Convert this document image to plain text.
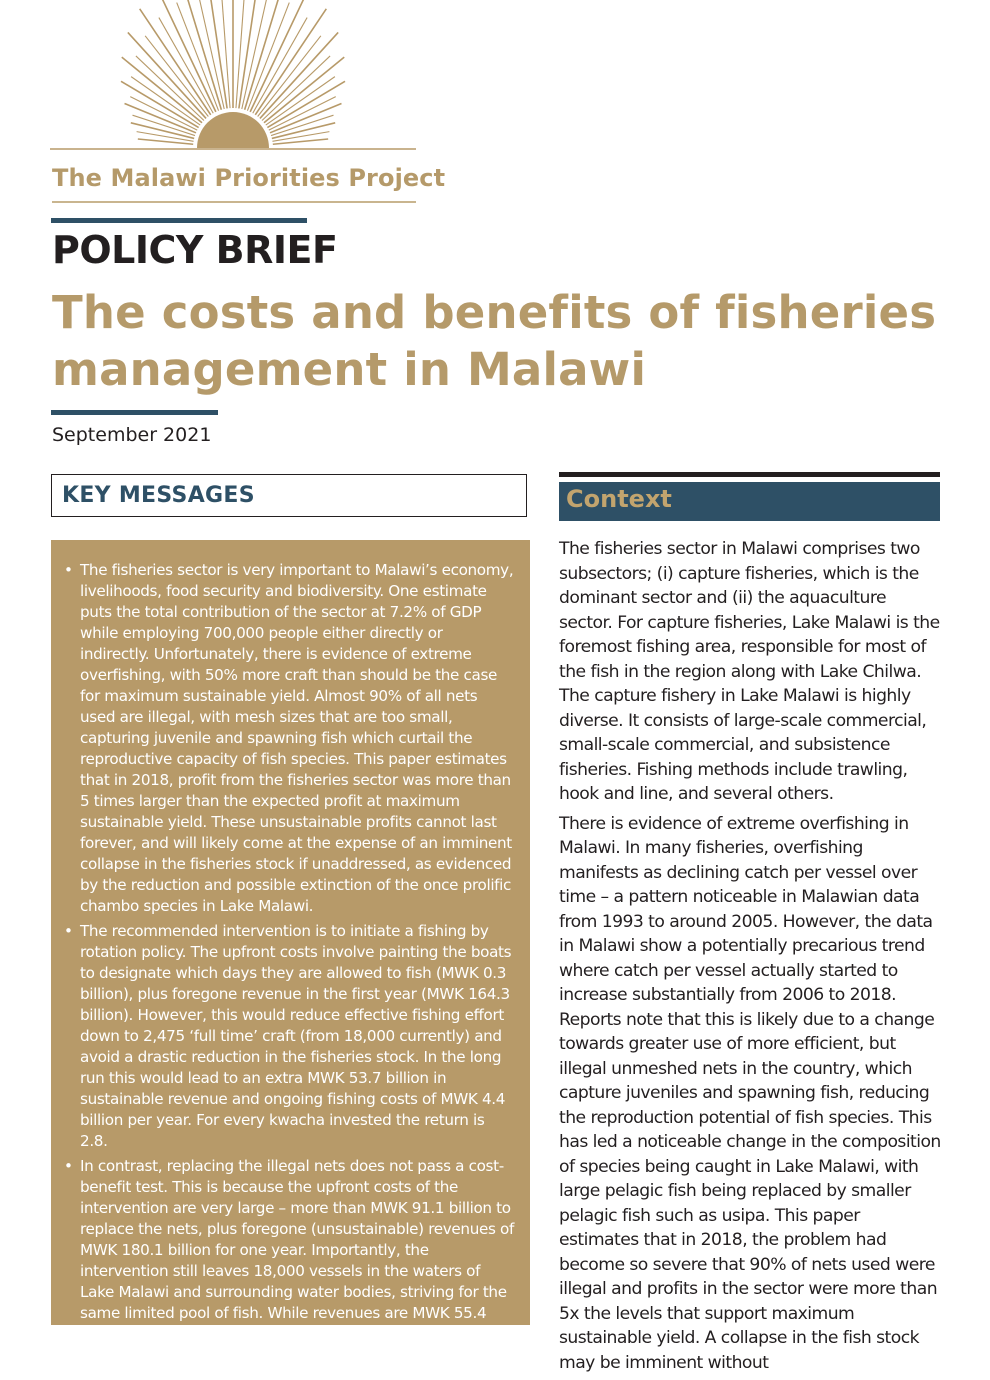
The Malawi Priorities Project
POLICY BRIEF
The costs and benefits of fisheries management in Malawi
September 2021
KEY MESSAGES
• The fisheries sector is very important to Malawi’s economy, livelihoods, food security and biodiversity. One estimate puts the total contribution of the sector at 7.2% of GDP while employing 700,000 people either directly or indirectly. Unfortunately, there is evidence of extreme overfishing, with 50% more craft than should be the case for maximum sustainable yield. Almost 90% of all nets used are illegal, with mesh sizes that are too small, capturing juvenile and spawning fish which curtail the reproductive capacity of fish species. This paper estimates that in 2018, profit from the fisheries sector was more than 5 times larger than the expected profit at maximum sustainable yield. These unsustainable profits cannot last forever, and will likely come at the expense of an imminent collapse in the fisheries stock if unaddressed, as evidenced by the reduction and possible extinction of the once prolific chambo species in Lake Malawi.
• The recommended intervention is to initiate a fishing by rotation policy. The upfront costs involve painting the boats to designate which days they are allowed to fish (MWK 0.3 billion), plus foregone revenue in the first year (MWK 164.3 billion). However, this would reduce effective fishing effort down to 2,475 ‘full time’ craft (from 18,000 currently) and avoid a drastic reduction in the fisheries stock. In the long run this would lead to an extra MWK 53.7 billion in sustainable revenue and ongoing fishing costs of MWK 4.4 billion per year. For every kwacha invested the return is 2.8.
• In contrast, replacing the illegal nets does not pass a cost-benefit test. This is because the upfront costs of the intervention are very large – more than MWK 91.1 billion to replace the nets, plus foregone (unsustainable) revenues of MWK 180.1 billion for one year. Importantly, the intervention still leaves 18,000 vessels in the waters of Lake Malawi and surrounding water bodies, striving for the same limited pool of fish. While revenues are MWK 55.4 billion, large operational costs of MWK 32.5 billion are also incurred annually.
Context

The fisheries sector in Malawi comprises two subsectors; (i) capture fisheries, which is the dominant sector and (ii) the aquaculture sector. For capture fisheries, Lake Malawi is the foremost fishing area, responsible for most of the fish in the region along with Lake Chilwa. The capture fishery in Lake Malawi is highly diverse. It consists of large-scale commercial, small-scale commercial, and subsistence fisheries. Fishing methods include trawling, hook and line, and several others.

There is evidence of extreme overfishing in Malawi. In many fisheries, overfishing manifests as declining catch per vessel over time – a pattern noticeable in Malawian data from 1993 to around 2005. However, the data in Malawi show a potentially precarious trend where catch per vessel actually started to increase substantially from 2006 to 2018. Reports note that this is likely due to a change towards greater use of more efficient, but illegal unmeshed nets in the country, which capture juveniles and spawning fish, reducing the reproduction potential of fish species. This has led a noticeable change in the composition of species being caught in Lake Malawi, with large pelagic fish being replaced by smaller pelagic fish such as usipa. This paper estimates that in 2018, the problem had become so severe that 90% of nets used were illegal and profits in the sector were more than 5x the levels that support maximum sustainable yield. A collapse in the fish stock may be imminent without
